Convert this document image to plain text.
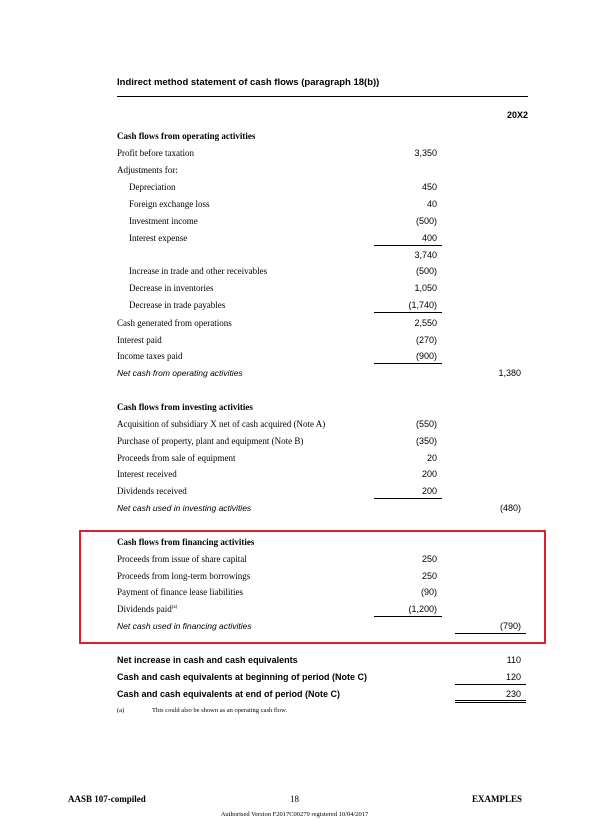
Indirect method statement of cash flows (paragraph 18(b))
20X2
Cash flows from operating activities
Profit before taxation	3,350
Adjustments for:
Depreciation	450
Foreign exchange loss	40
Investment income	(500)
Interest expense	400
3,740
Increase in trade and other receivables	(500)
Decrease in inventories	1,050
Decrease in trade payables	(1,740)
Cash generated from operations	2,550
Interest paid	(270)
Income taxes paid	(900)
Net cash from operating activities	1,380
Cash flows from investing activities
Acquisition of subsidiary X net of cash acquired (Note A)	(550)
Purchase of property, plant and equipment (Note B)	(350)
Proceeds from sale of equipment	20
Interest received	200
Dividends received	200
Net cash used in investing activities	(480)
Cash flows from financing activities
Proceeds from issue of share capital	250
Proceeds from long-term borrowings	250
Payment of finance lease liabilities	(90)
Dividends paid$^{(a)}$	(1,200)
Net cash used in financing activities	(790)
Net increase in cash and cash equivalents	110
Cash and cash equivalents at beginning of period (Note C)	120
Cash and cash equivalents at end of period (Note C)	230
(a)	This could also be shown as an operating cash flow.
AASB 107-compiled	18	EXAMPLES
Authorised Version F2017C00279 registered 10/04/2017
